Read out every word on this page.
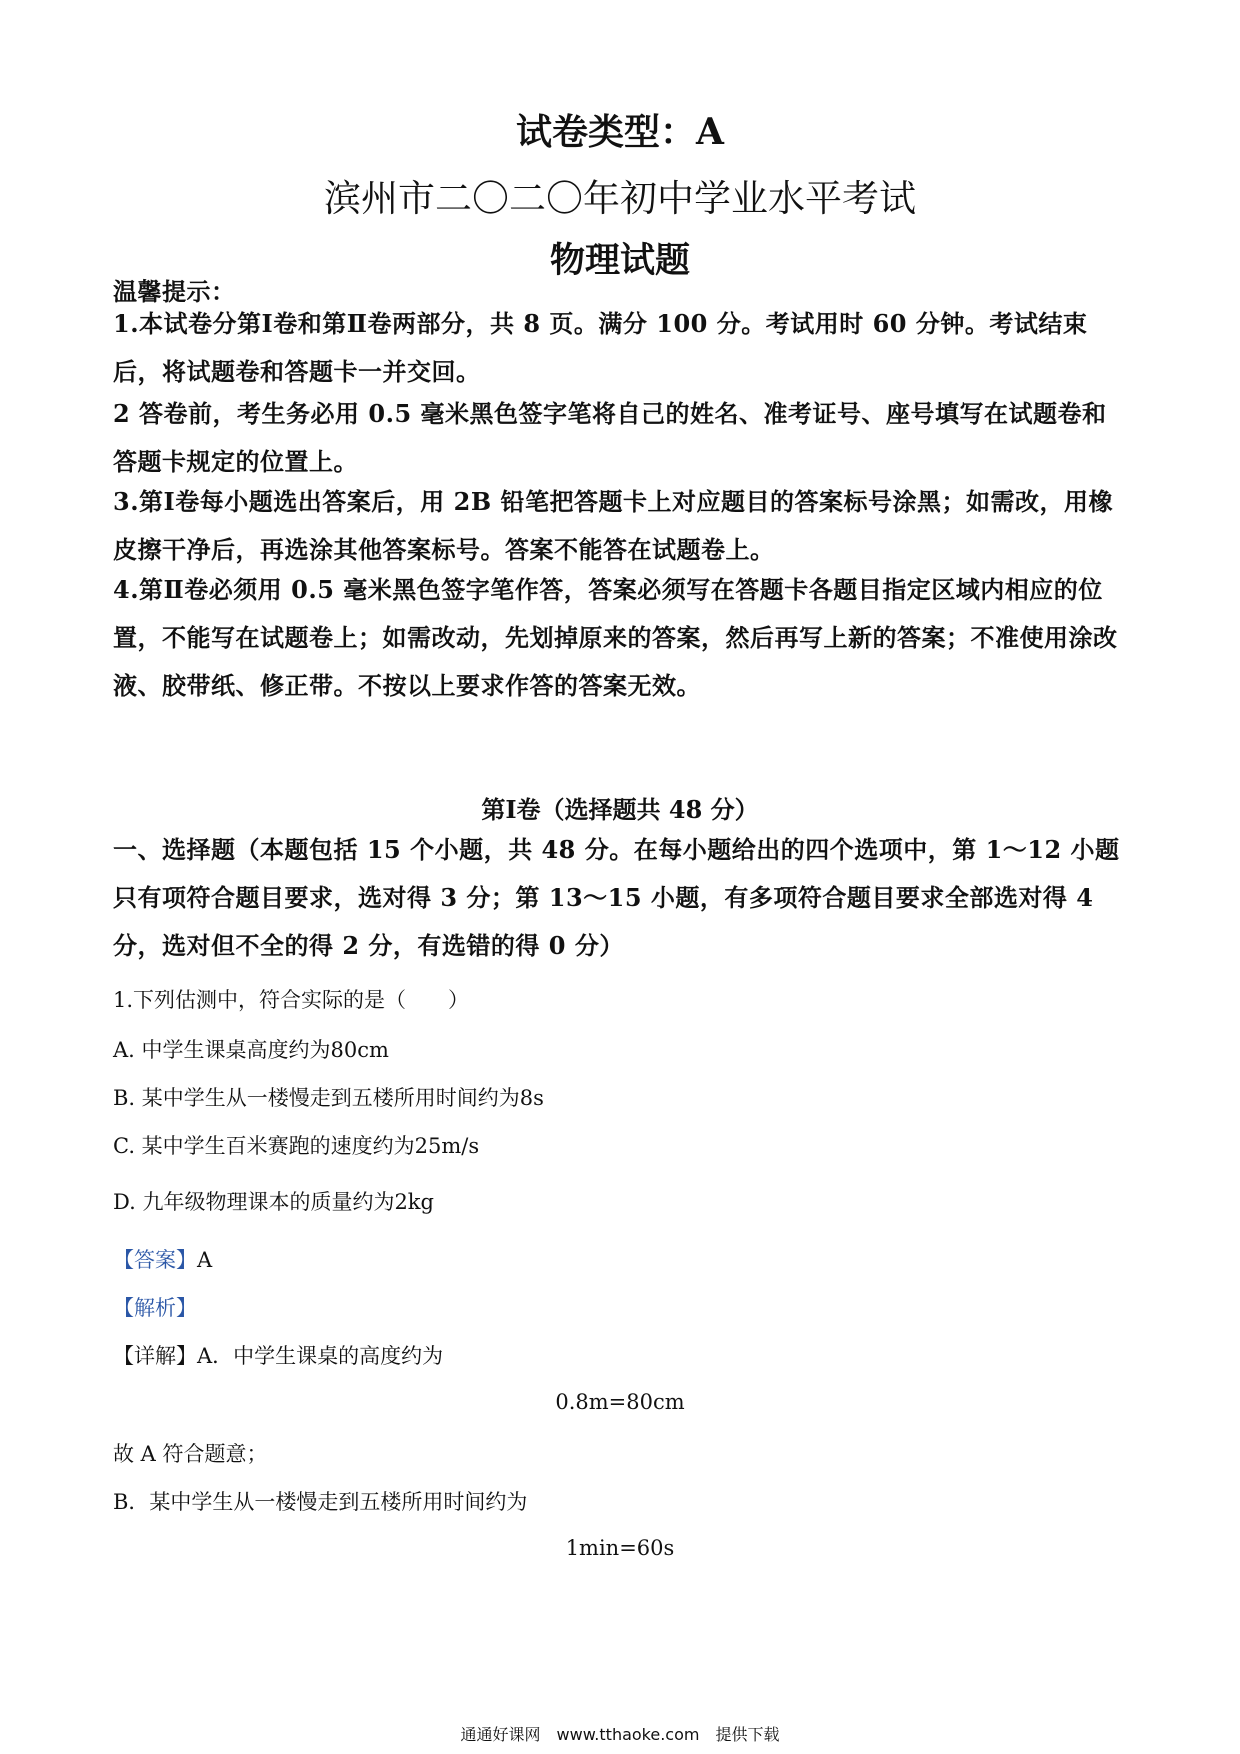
试卷类型：A
滨州市二〇二〇年初中学业水平考试
物理试题
温馨提示：
1.本试卷分第Ⅰ卷和第Ⅱ卷两部分，共 8 页。满分 100 分。考试用时 60 分钟。考试结束后，将试题卷和答题卡一并交回。
2 答卷前，考生务必用 0.5 毫米黑色签字笔将自己的姓名、准考证号、座号填写在试题卷和答题卡规定的位置上。
3.第Ⅰ卷每小题选出答案后，用 2B 铅笔把答题卡上对应题目的答案标号涂黑；如需改，用橡皮擦干净后，再选涂其他答案标号。答案不能答在试题卷上。
4.第Ⅱ卷必须用 0.5 毫米黑色签字笔作答，答案必须写在答题卡各题目指定区域内相应的位置，不能写在试题卷上；如需改动，先划掉原来的答案，然后再写上新的答案；不准使用涂改液、胶带纸、修正带。不按以上要求作答的答案无效。
第Ⅰ卷（选择题共 48 分）
一、选择题（本题包括 15 个小题，共 48 分。在每小题给出的四个选项中，第 1～12 小题只有项符合题目要求，选对得 3 分；第 13～15 小题，有多项符合题目要求全部选对得 4 分，选对但不全的得 2 分，有选错的得 0 分）
1.下列估测中，符合实际的是（　　）
A. 中学生课桌高度约为80cm
B. 某中学生从一楼慢走到五楼所用时间约为8s
C. 某中学生百米赛跑的速度约为25m/s
D. 九年级物理课本的质量约为2kg
【答案】A
【解析】
【详解】A．中学生课桌的高度约为
0.8m=80cm
故 A 符合题意；
B．某中学生从一楼慢走到五楼所用时间约为
1min=60s
通通好课网　www.tthaoke.com　提供下载
